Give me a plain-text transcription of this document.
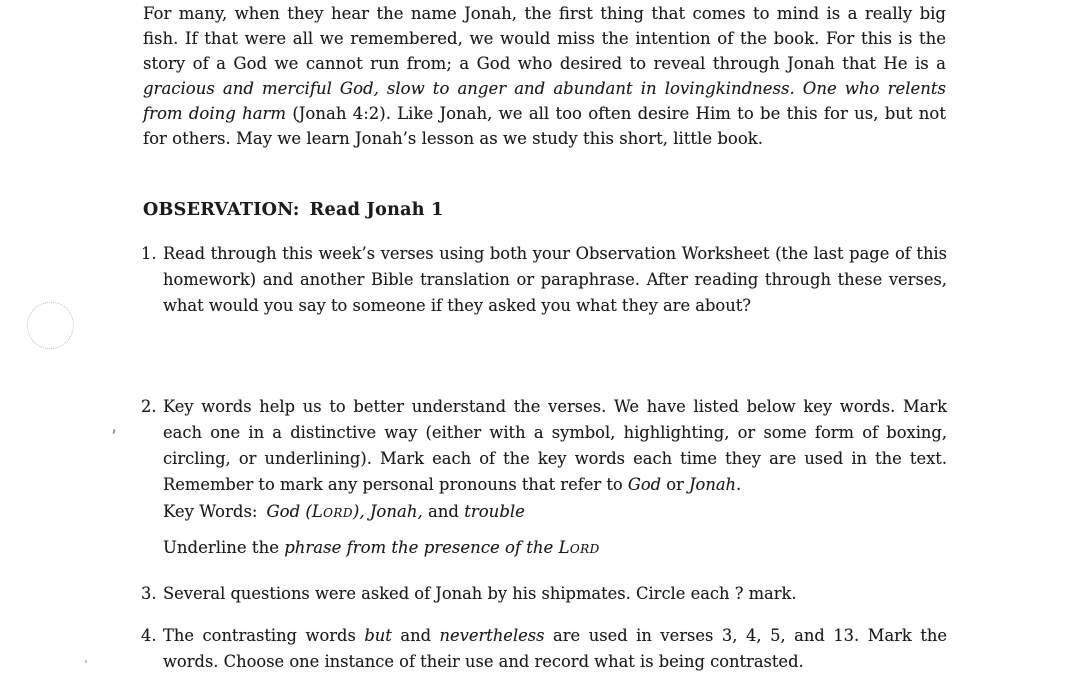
For many, when they hear the name Jonah, the first thing that comes to mind is a really big fish. If that were all we remembered, we would miss the intention of the book. For this is the story of a God we cannot run from; a God who desired to reveal through Jonah that He is a gracious and merciful God, slow to anger and abundant in lovingkindness. One who relents from doing harm (Jonah 4:2). Like Jonah, we all too often desire Him to be this for us, but not for others. May we learn Jonah’s lesson as we study this short, little book.

OBSERVATION: Read Jonah 1
1. Read through this week’s verses using both your Observation Worksheet (the last page of this homework) and another Bible translation or paraphrase. After reading through these verses, what would you say to someone if they asked you what they are about?
2. Key words help us to better understand the verses. We have listed below key words. Mark each one in a distinctive way (either with a symbol, highlighting, or some form of boxing, circling, or underlining). Mark each of the key words each time they are used in the text. Remember to mark any personal pronouns that refer to God or Jonah.

Key Words: God (Lord), Jonah, and trouble

Underline the phrase from the presence of the Lord

3. Several questions were asked of Jonah by his shipmates. Circle each ? mark.
4. The contrasting words but and nevertheless are used in verses 3, 4, 5, and 13. Mark the words. Choose one instance of their use and record what is being contrasted.
